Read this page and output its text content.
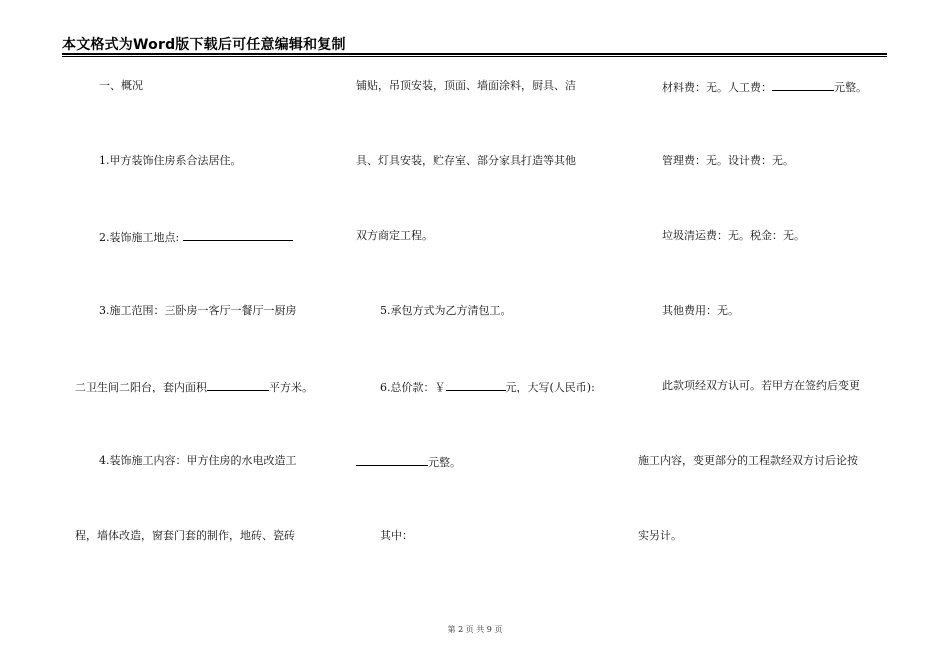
本文格式为Word版下载后可任意编辑和复制
一、概况
1.甲方装饰住房系合法居住。
2.装饰施工地点:
3.施工范围：三卧房一客厅一餐厅一厨房
二卫生间二阳台，套内面积	平方米。
4.装饰施工内容：甲方住房的水电改造工
程，墙体改造，窗套门套的制作，地砖、瓷砖
铺贴，吊顶安装，顶面、墙面涂料，厨具、洁
具、灯具安装，贮存室、部分家具打造等其他
双方商定工程。
5.承包方式为乙方清包工。
6.总价款：￥	元，大写(人民币):
元整。
其中：
材料费：无。人工费：	元整。
管理费：无。设计费：无。
垃圾清运费：无。税金：无。
其他费用：无。
此款项经双方认可。若甲方在签约后变更
施工内容，变更部分的工程款经双方讨后论按
实另计。
第 2 页 共 9 页
